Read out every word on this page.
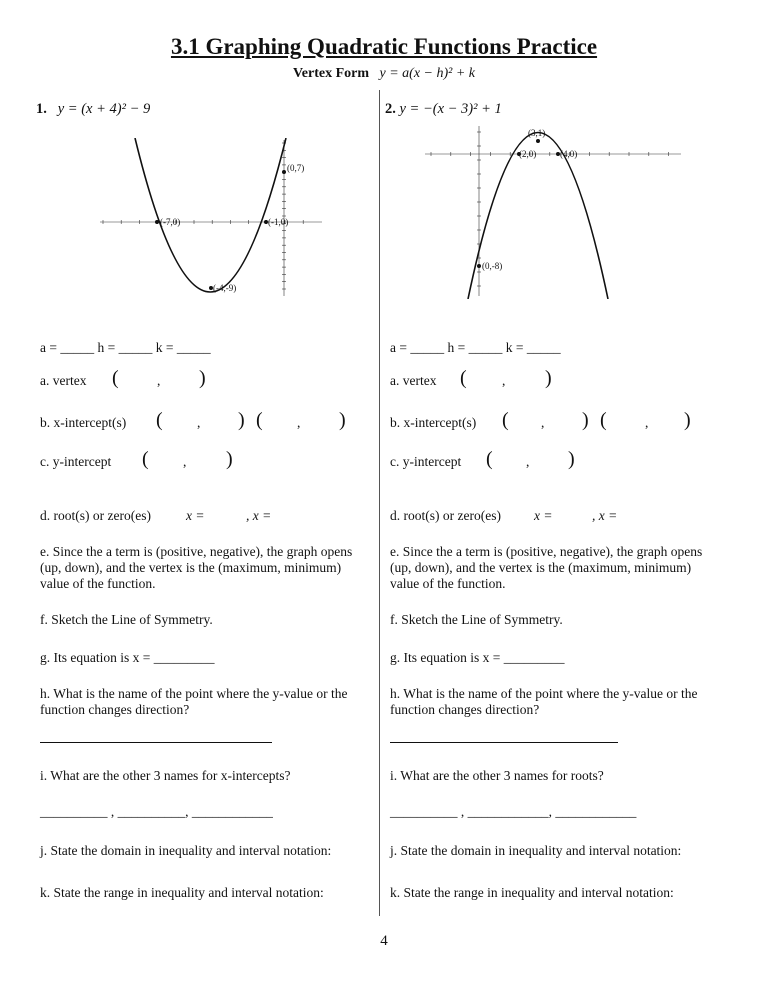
3.1 Graphing Quadratic Functions Practice
Vertex Form y = a(x − h)² + k
1. y = (x + 4)² − 9
(0,7)
(-7,0)	(-1,0)
(-4,-9)
a = _____ h = _____ k = _____
a. vertex (	, )
b. x-intercept(s) (	, ) (	, )
c. y-intercept (	, )
d. root(s) or zero(es)	x =	, x =
e. Since the a term is (positive, negative), the graph opens (up, down), and the vertex is the (maximum, minimum) value of the function.
f. Sketch the Line of Symmetry.
g. Its equation is x = _________
h. What is the name of the point where the y-value or the function changes direction?
i. What are the other 3 names for x-intercepts?
__________ , __________, ____________
j. State the domain in inequality and interval notation:
k. State the range in inequality and interval notation:
2. y = −(x − 3)² + 1
(3,1)
(2,0)	(4,0)
(0,-8)
a = _____ h = _____ k = _____
a. vertex (	, )
b. x-intercept(s) ( , ) (	, )
c. y-intercept ( , )
d. root(s) or zero(es) x =	, x =
e. Since the a term is (positive, negative), the graph opens (up, down), and the vertex is the (maximum, minimum) value of the function.
f. Sketch the Line of Symmetry.
g. Its equation is x = _________
h. What is the name of the point where the y-value or the function changes direction?
i. What are the other 3 names for roots?
__________ , ____________, ____________
j. State the domain in inequality and interval notation:
k. State the range in inequality and interval notation:
4
